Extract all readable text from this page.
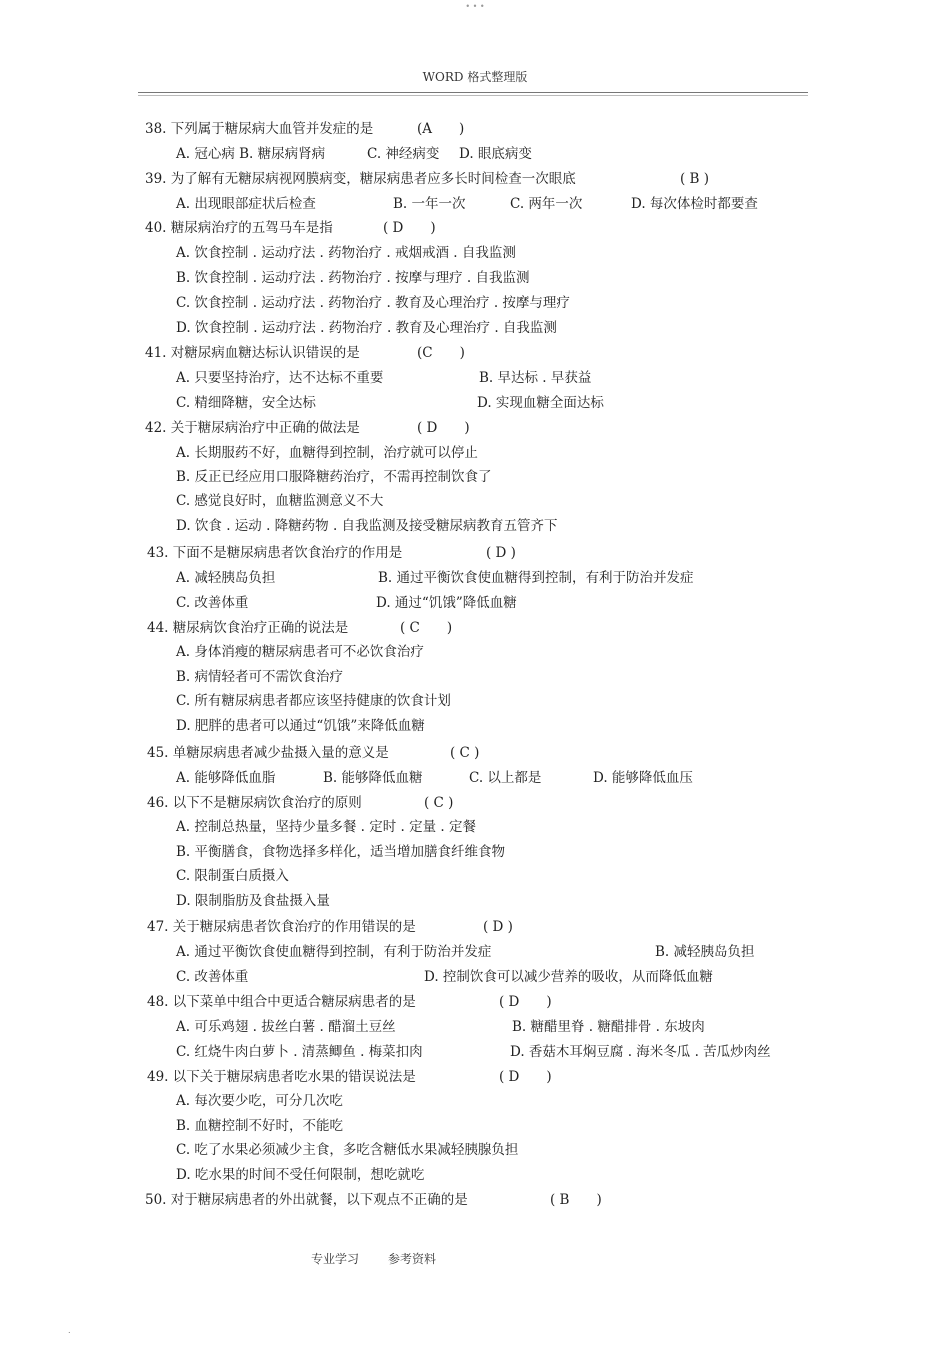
• • •
WORD 格式整理版
38. 下列属于糖尿病大血管并发症的是	(A　　)
A. 冠心病 B. 糖尿病肾病	C. 神经病变 D. 眼底病变
39. 为了解有无糖尿病视网膜病变，糖尿病患者应多长时间检查一次眼底	( B )
A. 出现眼部症状后检查	B. 一年一次	C. 两年一次	D. 每次体检时都要查
40. 糖尿病治疗的五驾马车是指	( D　　)
A. 饮食控制 . 运动疗法 . 药物治疗 . 戒烟戒酒 . 自我监测
B. 饮食控制 . 运动疗法 . 药物治疗 . 按摩与理疗 . 自我监测
C. 饮食控制 . 运动疗法 . 药物治疗 . 教育及心理治疗 . 按摩与理疗
D. 饮食控制 . 运动疗法 . 药物治疗 . 教育及心理治疗 . 自我监测
41. 对糖尿病血糖达标认识错误的是	(C　　)
A. 只要坚持治疗，达不达标不重要	B. 早达标 . 早获益
C. 精细降糖，安全达标	D. 实现血糖全面达标
42. 关于糖尿病治疗中正确的做法是	( D　　)
A. 长期服药不好，血糖得到控制，治疗就可以停止
B. 反正已经应用口服降糖药治疗，不需再控制饮食了
C. 感觉良好时，血糖监测意义不大
D. 饮食 . 运动 . 降糖药物 . 自我监测及接受糖尿病教育五管齐下
43. 下面不是糖尿病患者饮食治疗的作用是	( D )
A. 减轻胰岛负担	B. 通过平衡饮食使血糖得到控制，有利于防治并发症
C. 改善体重	D. 通过“饥饿”降低血糖
44. 糖尿病饮食治疗正确的说法是	( C　　)
A. 身体消瘦的糖尿病患者可不必饮食治疗
B. 病情轻者可不需饮食治疗
C. 所有糖尿病患者都应该坚持健康的饮食计划
D. 肥胖的患者可以通过“饥饿”来降低血糖
45. 单糖尿病患者减少盐摄入量的意义是	( C )
A. 能够降低血脂	B. 能够降低血糖	C. 以上都是	D. 能够降低血压
46. 以下不是糖尿病饮食治疗的原则	( C )
A. 控制总热量，坚持少量多餐 . 定时 . 定量 . 定餐
B. 平衡膳食，食物选择多样化，适当增加膳食纤维食物
C. 限制蛋白质摄入
D. 限制脂肪及食盐摄入量
47. 关于糖尿病患者饮食治疗的作用错误的是	( D )
A. 通过平衡饮食使血糖得到控制，有利于防治并发症	B. 减轻胰岛负担
C. 改善体重	D. 控制饮食可以减少营养的吸收，从而降低血糖
48. 以下菜单中组合中更适合糖尿病患者的是	( D　　)
A. 可乐鸡翅 . 拔丝白薯 . 醋溜土豆丝	B. 糖醋里脊 . 糖醋排骨 . 东坡肉
C. 红烧牛肉白萝卜 . 清蒸鲫鱼 . 梅菜扣肉	D. 香菇木耳焖豆腐 . 海米冬瓜 . 苦瓜炒肉丝
49. 以下关于糖尿病患者吃水果的错误说法是	( D　　)
A. 每次要少吃，可分几次吃
B. 血糖控制不好时，不能吃
C. 吃了水果必须减少主食，多吃含糖低水果减轻胰腺负担
D. 吃水果的时间不受任何限制，想吃就吃
50. 对于糖尿病患者的外出就餐，以下观点不正确的是	( B　　)
专业学习 参考资料
.
